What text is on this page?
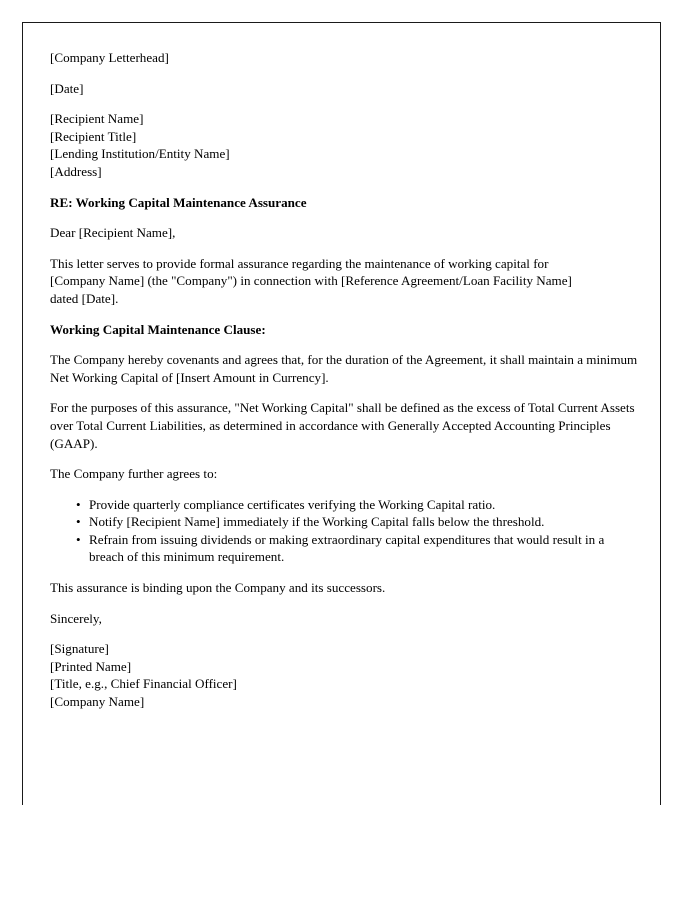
[Company Letterhead]

[Date]

[Recipient Name]
[Recipient Title]
[Lending Institution/Entity Name]
[Address]

RE: Working Capital Maintenance Assurance

Dear [Recipient Name],

This letter serves to provide formal assurance regarding the maintenance of working capital for [Company Name] (the "Company") in connection with [Reference Agreement/Loan Facility Name] dated [Date].

Working Capital Maintenance Clause:

The Company hereby covenants and agrees that, for the duration of the Agreement, it shall maintain a minimum Net Working Capital of [Insert Amount in Currency].

For the purposes of this assurance, "Net Working Capital" shall be defined as the excess of Total Current Assets over Total Current Liabilities, as determined in accordance with Generally Accepted Accounting Principles (GAAP).

The Company further agrees to:

• Provide quarterly compliance certificates verifying the Working Capital ratio.
• Notify [Recipient Name] immediately if the Working Capital falls below the threshold.
• Refrain from issuing dividends or making extraordinary capital expenditures that would result in a breach of this minimum requirement.

This assurance is binding upon the Company and its successors.

Sincerely,

[Signature]
[Printed Name]
[Title, e.g., Chief Financial Officer]
[Company Name]
